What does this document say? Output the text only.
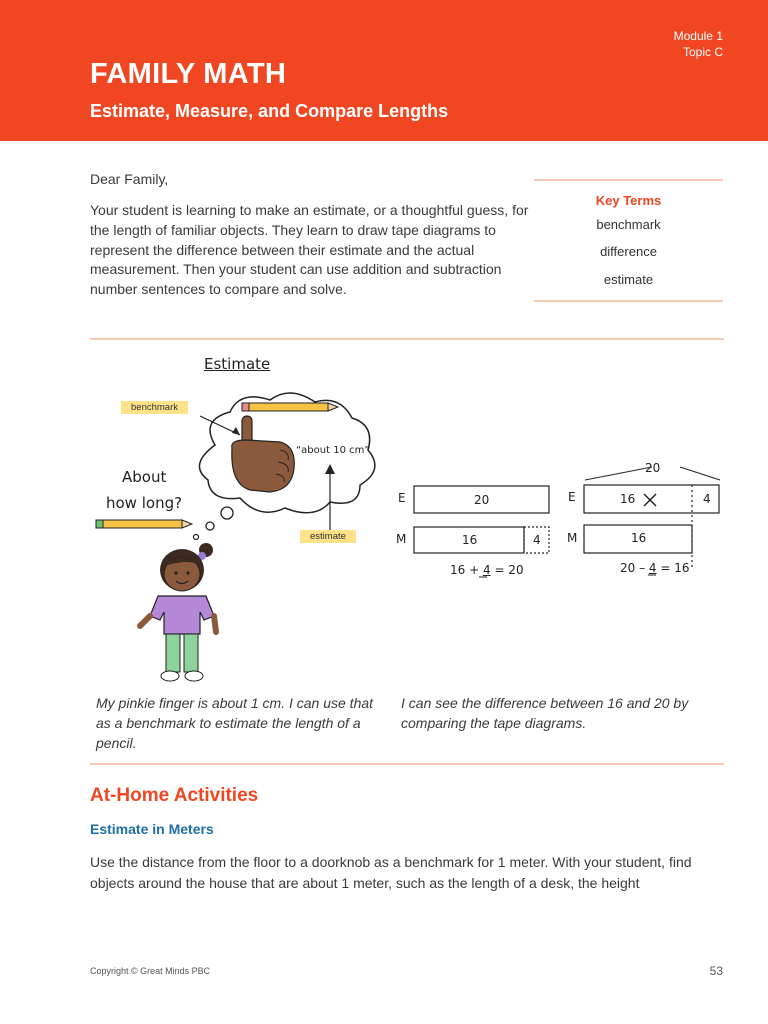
Module 1
Topic C
FAMILY MATH
Estimate, Measure, and Compare Lengths
Dear Family,
Your student is learning to make an estimate, or a thoughtful guess, for the length of familiar objects. They learn to draw tape diagrams to represent the difference between their estimate and the actual measurement. Then your student can use addition and subtraction number sentences to compare and solve.
Key Terms
benchmark
difference
estimate
Estimate
benchmark
estimate
“about 10 cm”
About
how long?	E
M
20
16	4
16 + 4 = 20
20
E
M
16	4
16
20 – 4 = 16
My pinkie finger is about 1 cm. I can use that as a benchmark to estimate the length of a pencil.
I can see the difference between 16 and 20 by comparing the tape diagrams.
At-Home Activities
Estimate in Meters
Use the distance from the floor to a doorknob as a benchmark for 1 meter. With your student, find objects around the house that are about 1 meter, such as the length of a desk, the height
Copyright © Great Minds PBC	53
